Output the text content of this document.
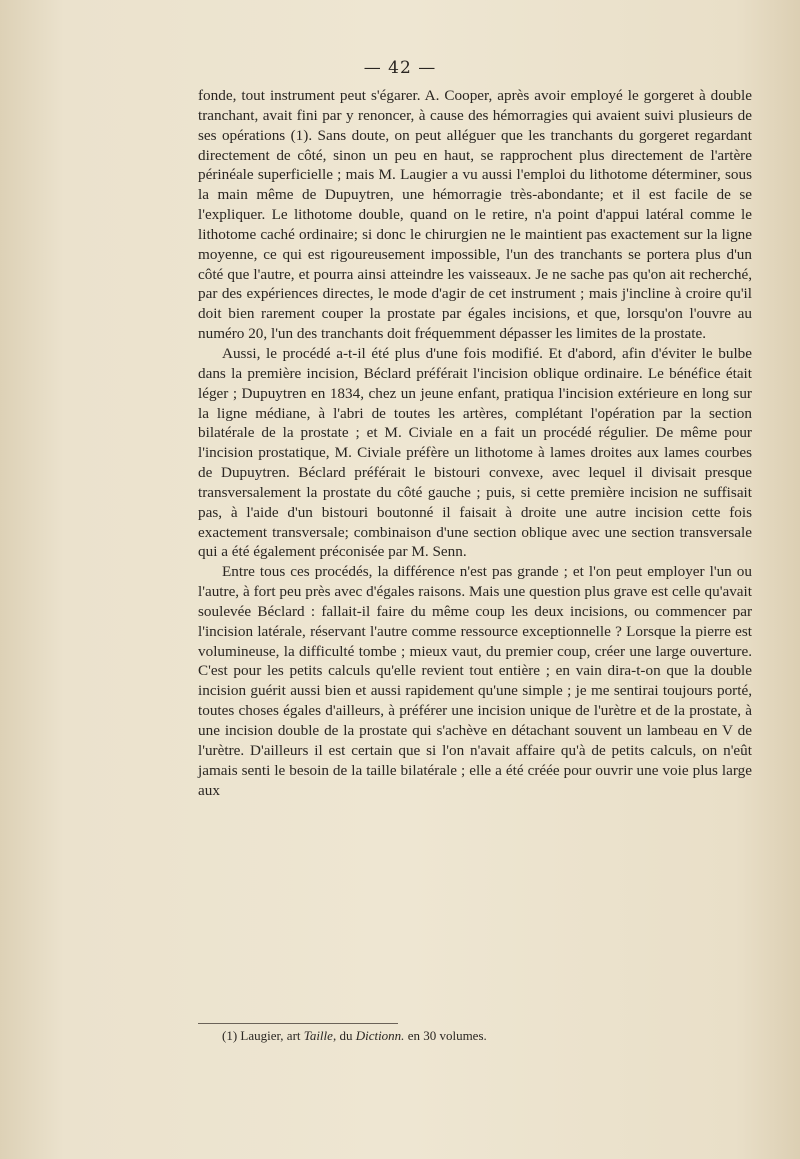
— 42 —

fonde, tout instrument peut s'égarer. A. Cooper, après avoir employé le gorgeret à double tranchant, avait fini par y renoncer, à cause des hémorragies qui avaient suivi plusieurs de ses opérations (1). Sans doute, on peut alléguer que les tranchants du gorgeret regardant directement de côté, sinon un peu en haut, se rapprochent plus directement de l'artère périnéale superficielle ; mais M. Laugier a vu aussi l'emploi du lithotome déterminer, sous la main même de Dupuytren, une hémorragie très-abondante; et il est facile de se l'expliquer. Le lithotome double, quand on le retire, n'a point d'appui latéral comme le lithotome caché ordinaire; si donc le chirurgien ne le maintient pas exactement sur la ligne moyenne, ce qui est rigoureusement impossible, l'un des tranchants se portera plus d'un côté que l'autre, et pourra ainsi atteindre les vaisseaux. Je ne sache pas qu'on ait recherché, par des expériences directes, le mode d'agir de cet instrument ; mais j'incline à croire qu'il doit bien rarement couper la prostate par égales incisions, et que, lorsqu'on l'ouvre au numéro 20, l'un des tranchants doit fréquemment dépasser les limites de la prostate.

Aussi, le procédé a-t-il été plus d'une fois modifié. Et d'abord, afin d'éviter le bulbe dans la première incision, Béclard préférait l'incision oblique ordinaire. Le bénéfice était léger ; Dupuytren en 1834, chez un jeune enfant, pratiqua l'incision extérieure en long sur la ligne médiane, à l'abri de toutes les artères, complétant l'opération par la section bilatérale de la prostate ; et M. Civiale en a fait un procédé régulier. De même pour l'incision prostatique, M. Civiale préfère un lithotome à lames droites aux lames courbes de Dupuytren. Béclard préférait le bistouri convexe, avec lequel il divisait presque transversalement la prostate du côté gauche ; puis, si cette première incision ne suffisait pas, à l'aide d'un bistouri boutonné il faisait à droite une autre incision cette fois exactement transversale; combinaison d'une section oblique avec une section transversale qui a été également préconisée par M. Senn.

Entre tous ces procédés, la différence n'est pas grande ; et l'on peut employer l'un ou l'autre, à fort peu près avec d'égales raisons. Mais une question plus grave est celle qu'avait soulevée Béclard : fallait-il faire du même coup les deux incisions, ou commencer par l'incision latérale, réservant l'autre comme ressource exceptionnelle ? Lorsque la pierre est volumineuse, la difficulté tombe ; mieux vaut, du premier coup, créer une large ouverture. C'est pour les petits calculs qu'elle revient tout entière ; en vain dira-t-on que la double incision guérit aussi bien et aussi rapidement qu'une simple ; je me sentirai toujours porté, toutes choses égales d'ailleurs, à préférer une incision unique de l'urètre et de la prostate, à une incision double de la prostate qui s'achève en détachant souvent un lambeau en V de l'urètre. D'ailleurs il est certain que si l'on n'avait affaire qu'à de petits calculs, on n'eût jamais senti le besoin de la taille bilatérale ; elle a été créée pour ouvrir une voie plus large aux

(1) Laugier, art Taille, du Dictionn. en 30 volumes.
